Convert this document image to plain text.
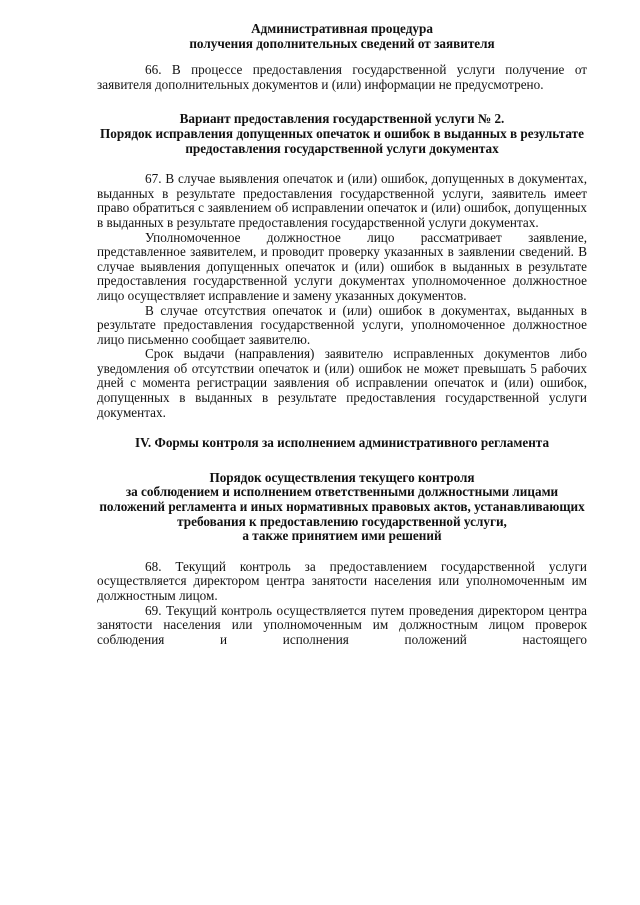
Административная процедура

получения дополнительных сведений от заявителя

66. В процессе предоставления государственной услуги получение от заявителя дополнительных документов и (или) информации не предусмотрено.

Вариант предоставления государственной услуги № 2.

Порядок исправления допущенных опечаток и ошибок в выданных в результате предоставления государственной услуги документах

67. В случае выявления опечаток и (или) ошибок, допущенных в документах, выданных в результате предоставления государственной услуги, заявитель имеет право обратиться с заявлением об исправлении опечаток и (или) ошибок, допущенных в выданных в результате предоставления государственной услуги документах.

Уполномоченное должностное лицо рассматривает заявление, представленное заявителем, и проводит проверку указанных в заявлении сведений. В случае выявления допущенных опечаток и (или) ошибок в выданных в результате предоставления государственной услуги документах уполномоченное должностное лицо осуществляет исправление и замену указанных документов.

В случае отсутствия опечаток и (или) ошибок в документах, выданных в результате предоставления государственной услуги, уполномоченное должностное лицо письменно сообщает заявителю.

Срок выдачи (направления) заявителю исправленных документов либо уведомления об отсутствии опечаток и (или) ошибок не может превышать 5 рабочих дней с момента регистрации заявления об исправлении опечаток и (или) ошибок, допущенных в выданных в результате предоставления государственной услуги документах.

IV. Формы контроля за исполнением административного регламента

Порядок осуществления текущего контроля

за соблюдением и исполнением ответственными должностными лицами положений регламента и иных нормативных правовых актов, устанавливающих требования к предоставлению государственной услуги,

а также принятием ими решений

68. Текущий контроль за предоставлением государственной услуги осуществляется директором центра занятости населения или уполномоченным им должностным лицом.

69. Текущий контроль осуществляется путем проведения директором центра занятости населения или уполномоченным им должностным лицом проверок соблюдения и исполнения положений настоящего
